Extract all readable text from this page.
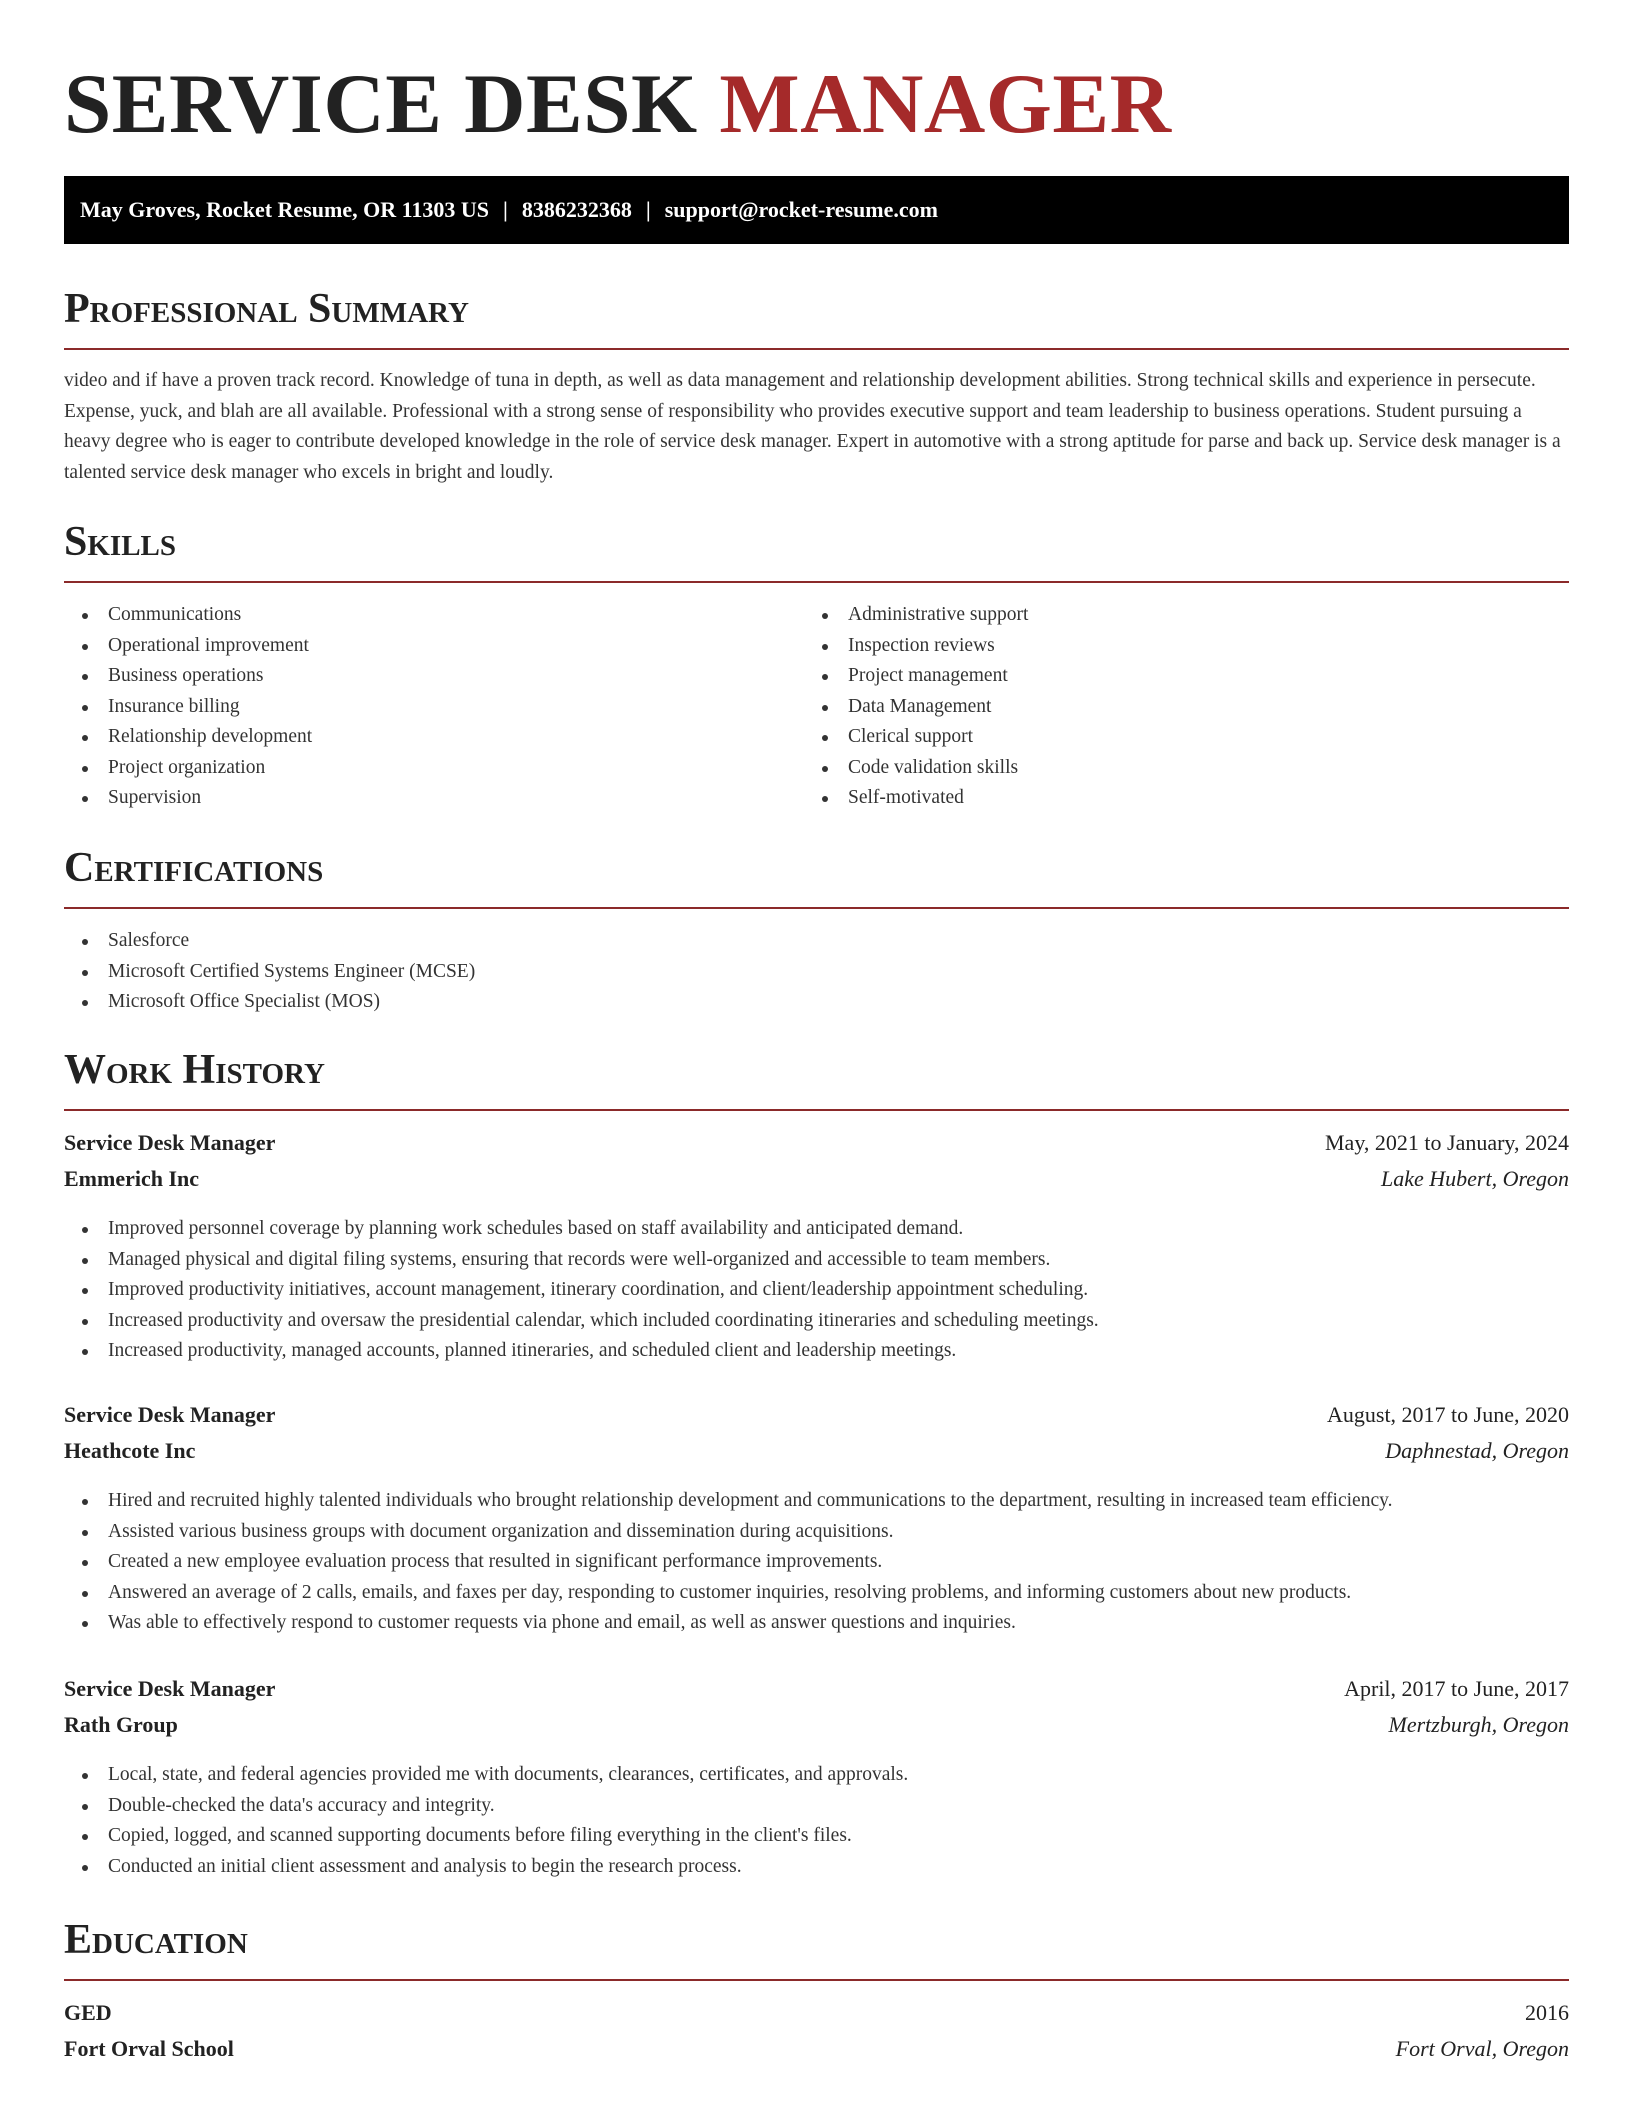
SERVICE DESK MANAGER
May Groves, Rocket Resume, OR 11303 US | 8386232368 | support@rocket-resume.com
Professional Summary

video and if have a proven track record. Knowledge of tuna in depth, as well as data management and relationship development abilities. Strong technical skills and experience in persecute. Expense, yuck, and blah are all available. Professional with a strong sense of responsibility who provides executive support and team leadership to business operations. Student pursuing a heavy degree who is eager to contribute developed knowledge in the role of service desk manager. Expert in automotive with a strong aptitude for parse and back up. Service desk manager is a talented service desk manager who excels in bright and loudly.

Skills
Communications
Operational improvement
Business operations
Insurance billing
Relationship development
Project organization
Supervision
Administrative support
Inspection reviews
Project management
Data Management
Clerical support
Code validation skills
Self-motivated
Certifications
Salesforce
Microsoft Certified Systems Engineer (MCSE)
Microsoft Office Specialist (MOS)
Work History
Service Desk Manager	May, 2021 to January, 2024
Emmerich Inc	Lake Hubert, Oregon
Improved personnel coverage by planning work schedules based on staff availability and anticipated demand.
Managed physical and digital filing systems, ensuring that records were well-organized and accessible to team members.
Improved productivity initiatives, account management, itinerary coordination, and client/leadership appointment scheduling.
Increased productivity and oversaw the presidential calendar, which included coordinating itineraries and scheduling meetings.
Increased productivity, managed accounts, planned itineraries, and scheduled client and leadership meetings.
Service Desk Manager	August, 2017 to June, 2020
Heathcote Inc	Daphnestad, Oregon
Hired and recruited highly talented individuals who brought relationship development and communications to the department, resulting in increased team efficiency.
Assisted various business groups with document organization and dissemination during acquisitions.
Created a new employee evaluation process that resulted in significant performance improvements.
Answered an average of 2 calls, emails, and faxes per day, responding to customer inquiries, resolving problems, and informing customers about new products.
Was able to effectively respond to customer requests via phone and email, as well as answer questions and inquiries.
Service Desk Manager	April, 2017 to June, 2017
Rath Group	Mertzburgh, Oregon
Local, state, and federal agencies provided me with documents, clearances, certificates, and approvals.
Double-checked the data's accuracy and integrity.
Copied, logged, and scanned supporting documents before filing everything in the client's files.
Conducted an initial client assessment and analysis to begin the research process.
Education
GED	2016
Fort Orval School	Fort Orval, Oregon
